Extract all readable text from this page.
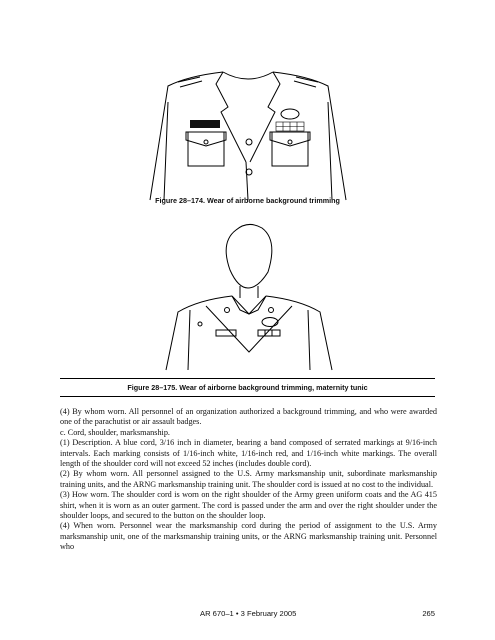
Figure 28–174. Wear of airborne background trimming
Figure 28–175. Wear of airborne background trimming, maternity tunic

(4) By whom worn. All personnel of an organization authorized a background trimming, and who were awarded one of the parachutist or air assault badges.

c. Cord, shoulder, marksmanship.

(1) Description. A blue cord, 3/16 inch in diameter, bearing a band composed of serrated markings at 9/16-inch intervals. Each marking consists of 1/16-inch white, 1/16-inch red, and 1/16-inch white markings. The overall length of the shoulder cord will not exceed 52 inches (includes double cord).

(2) By whom worn. All personnel assigned to the U.S. Army marksmanship unit, subordinate marksmanship training units, and the ARNG marksmanship training unit. The shoulder cord is issued at no cost to the individual.

(3) How worn. The shoulder cord is worn on the right shoulder of the Army green uniform coats and the AG 415 shirt, when it is worn as an outer garment. The cord is passed under the arm and over the right shoulder under the shoulder loops, and secured to the button on the shoulder loop.

(4) When worn. Personnel wear the marksmanship cord during the period of assignment to the U.S. Army marksmanship unit, one of the marksmanship training units, or the ARNG marksmanship training unit. Personnel who

AR 670–1 • 3 February 2005	265
